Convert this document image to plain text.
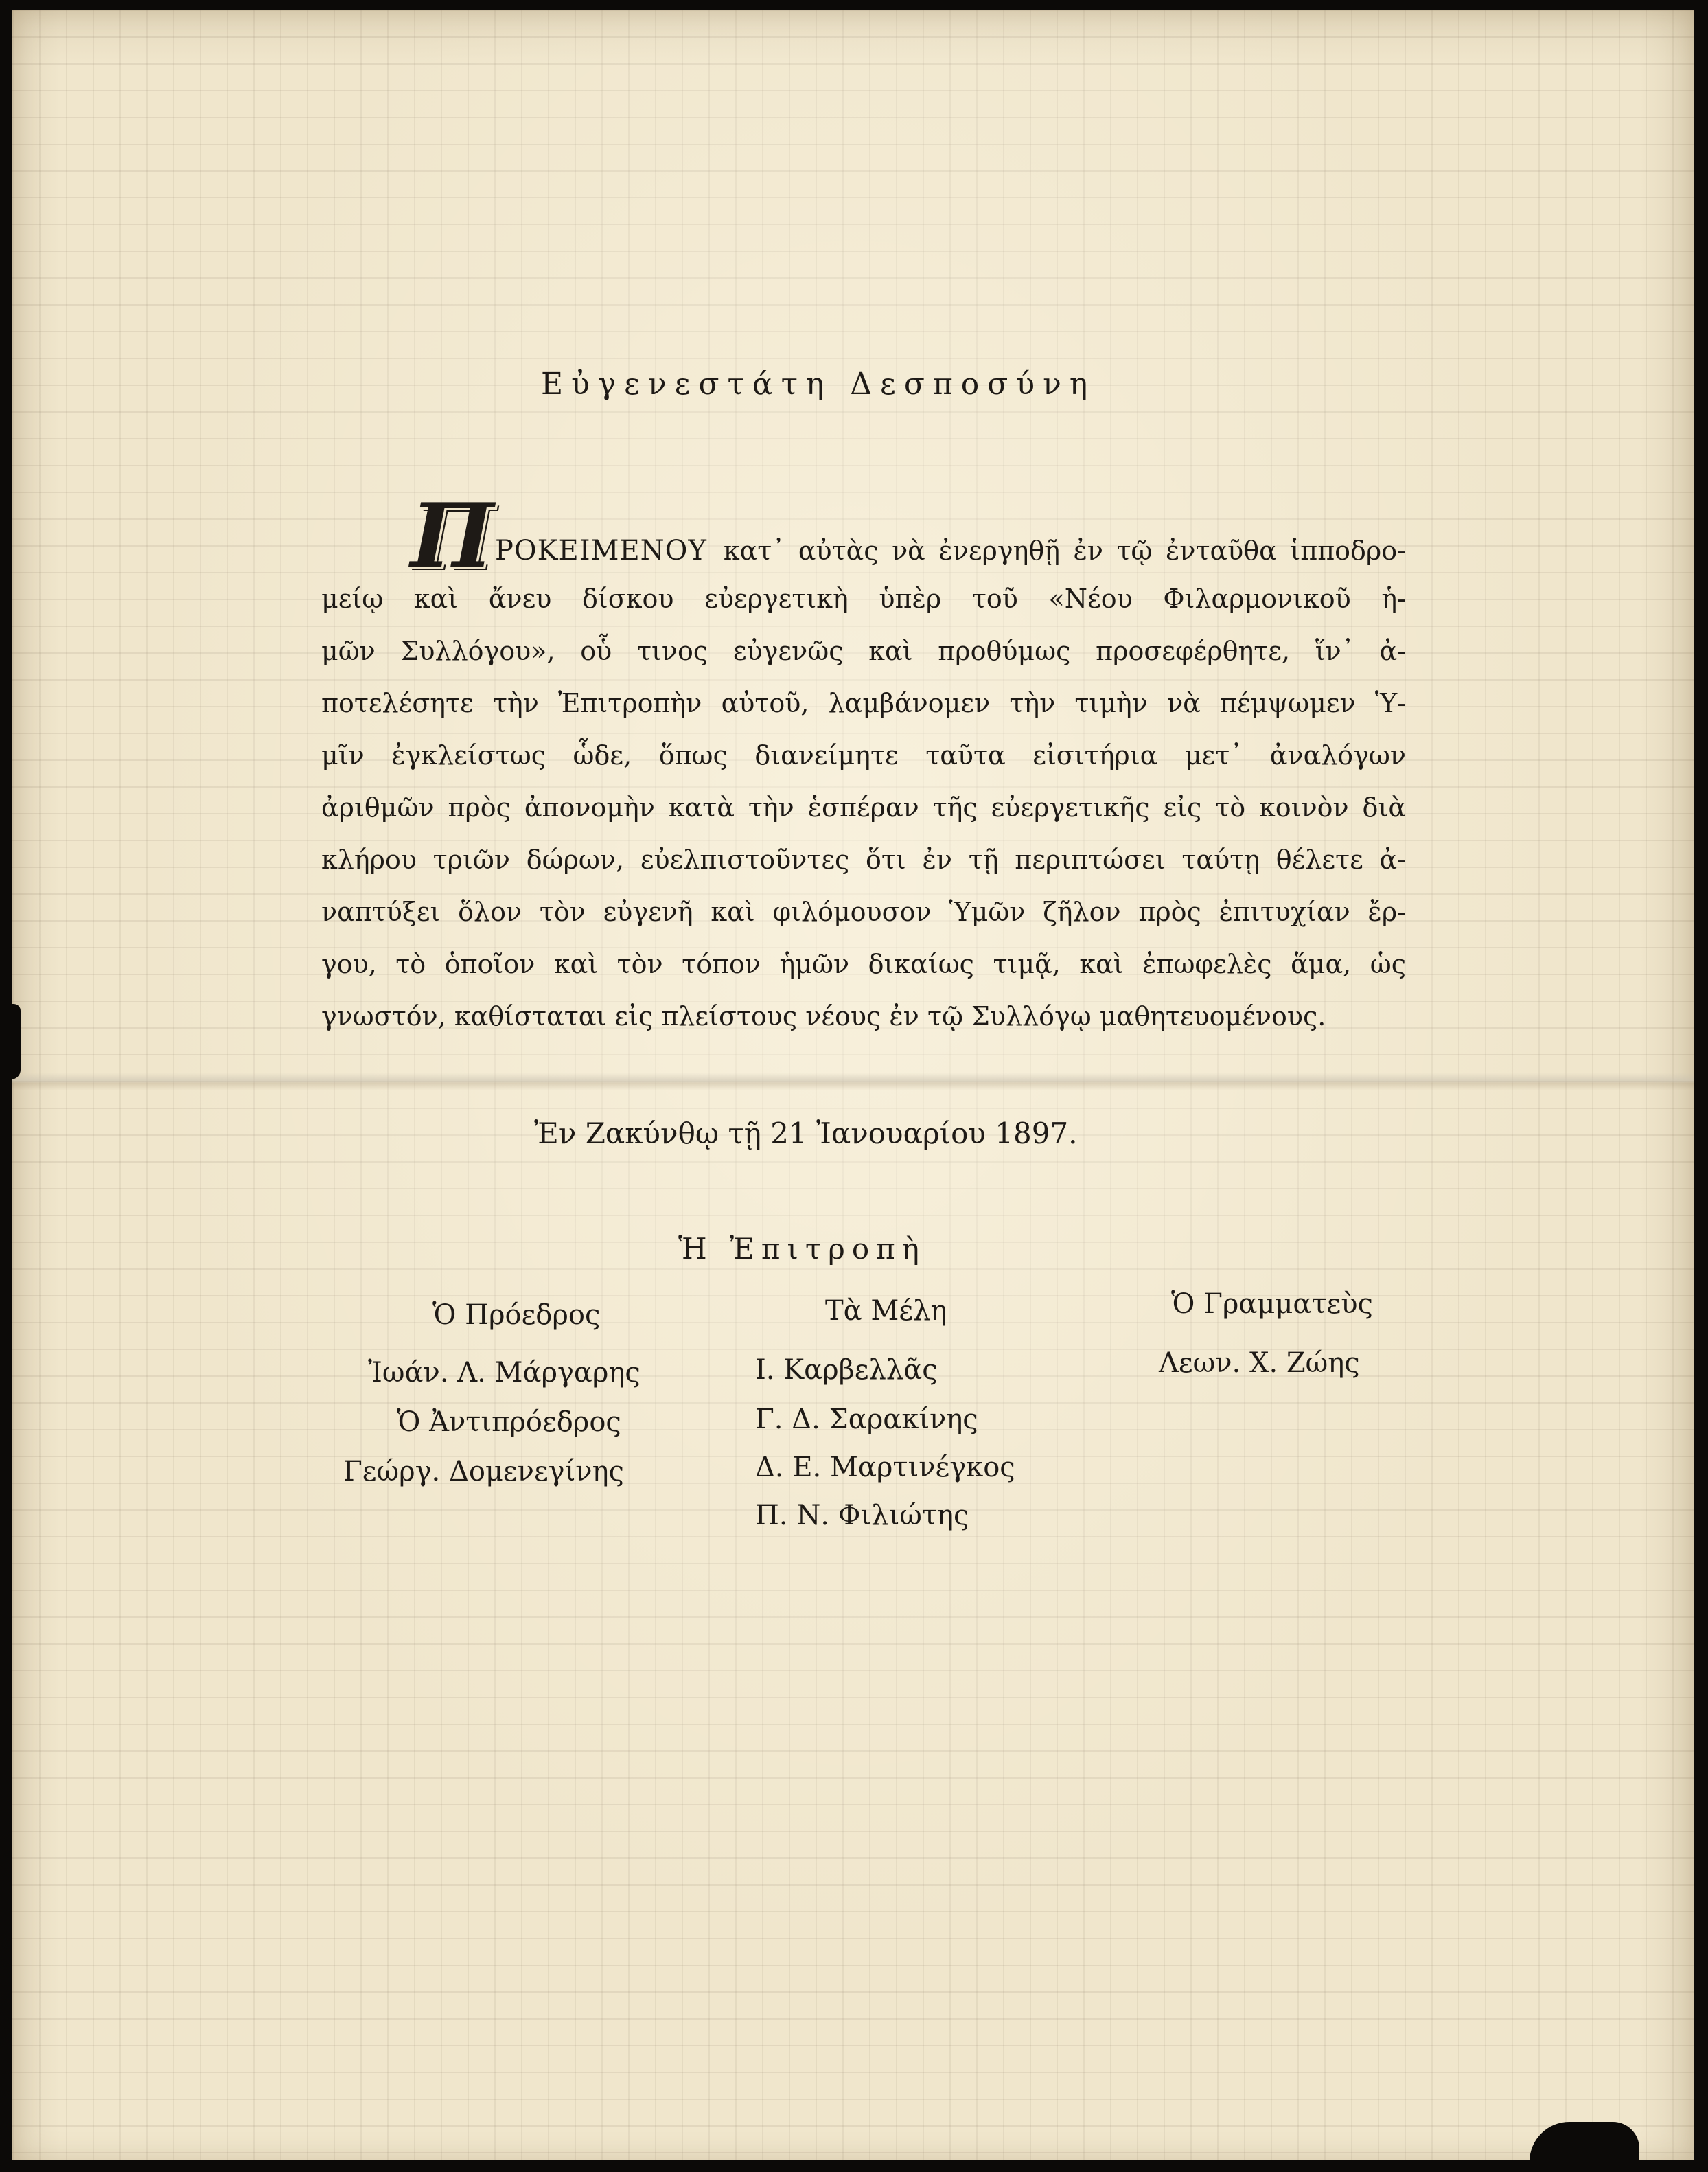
Εὐγενεστάτη Δεσποσύνη
Π ΡΟΚΕΙΜΕΝΟΥ κατ᾽ αὐτὰς νὰ ἐνεργηθῇ ἐν τῷ ἐνταῦθα ἱπποδρο-
μείῳ καὶ ἄνευ δίσκου εὐεργετικὴ ὑπὲρ τοῦ «Νέου Φιλαρμονικοῦ ἡ-
μῶν Συλλόγου», οὗ τινος εὐγενῶς καὶ προθύμως προσεφέρθητε, ἵν᾽ ἀ-
ποτελέσητε τὴν Ἐπιτροπὴν αὐτοῦ, λαμβάνομεν τὴν τιμὴν νὰ πέμψωμεν Ὑ-
μῖν ἐγκλείστως ὧδε, ὅπως διανείμητε ταῦτα εἰσιτήρια μετ᾽ ἀναλόγων
ἀριθμῶν πρὸς ἀπονομὴν κατὰ τὴν ἑσπέραν τῆς εὐεργετικῆς εἰς τὸ κοινὸν διὰ
κλήρου τριῶν δώρων, εὐελπιστοῦντες ὅτι ἐν τῇ περιπτώσει ταύτῃ θέλετε ἀ-
ναπτύξει ὅλον τὸν εὐγενῆ καὶ φιλόμουσον Ὑμῶν ζῆλον πρὸς ἐπιτυχίαν ἔρ-
γου, τὸ ὁποῖον καὶ τὸν τόπον ἡμῶν δικαίως τιμᾷ, καὶ ἐπωφελὲς ἅμα, ὡς
γνωστόν, καθίσταται εἰς πλείστους νέους ἐν τῷ Συλλόγῳ μαθητευομένους.
Ἐν Ζακύνθῳ τῇ 21 Ἰανουαρίου 1897.
Ἡ Ἐπιτροπὴ
Ὁ Πρόεδρος
Ἰωάν. Λ. Μάργαρης
Ὁ Ἀντιπρόεδρος
Γεώργ. Δομενεγίνης
Τὰ Μέλη
Ι. Καρβελλᾶς
Γ. Δ. Σαρακίνης
Δ. Ε. Μαρτινέγκος
Π. Ν. Φιλιώτης
Ὁ Γραμματεὺς
Λεων. Χ. Ζώης
